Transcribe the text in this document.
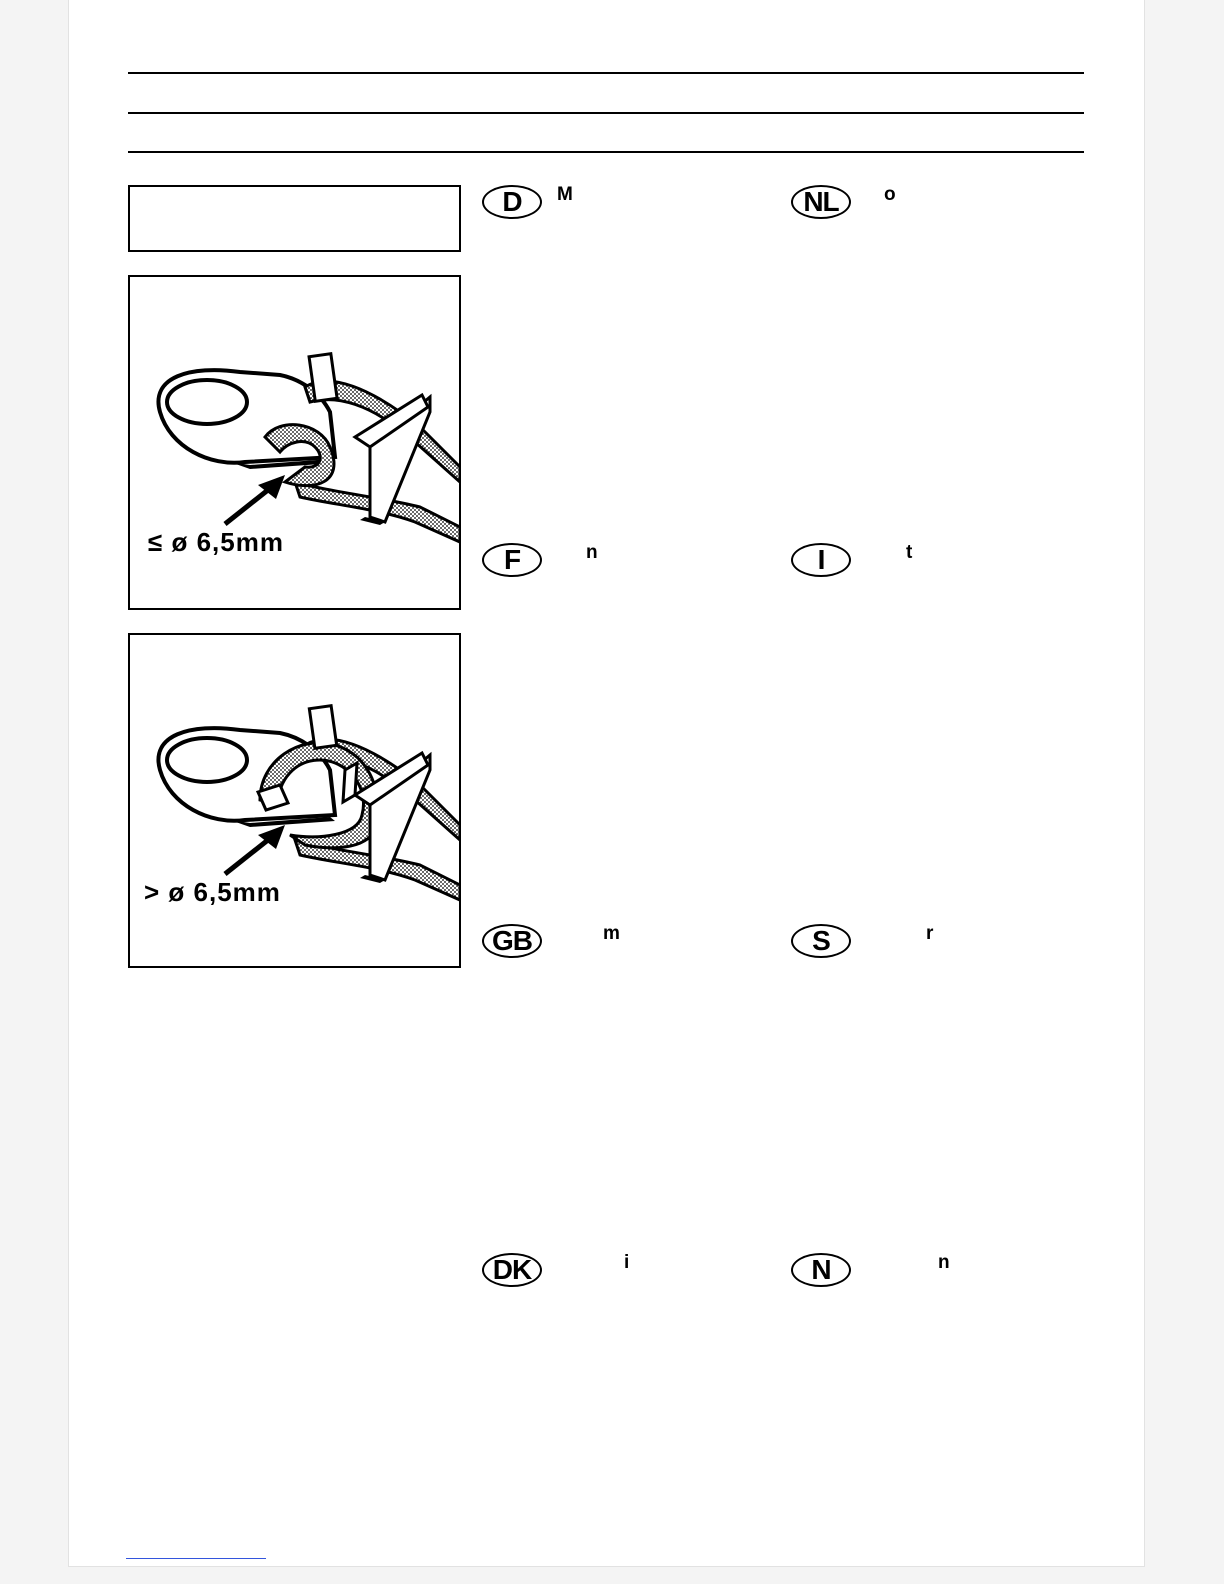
≤ ø 6,5mm
> ø 6,5mm
D M	NL o
F	n	I	t
GB	m	S	r
DK	i	N	n
